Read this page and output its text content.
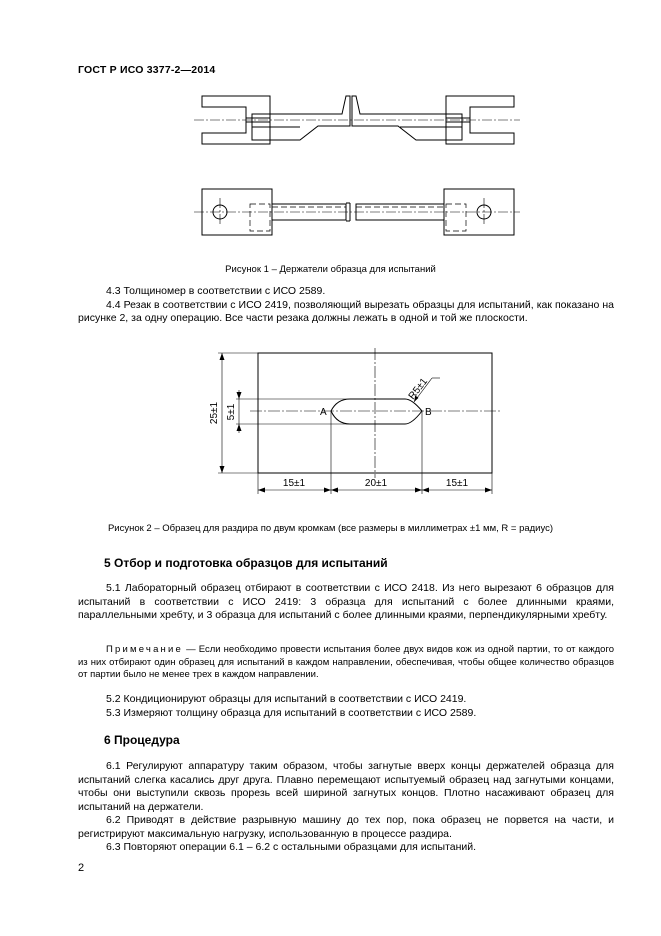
ГОСТ Р ИСО 3377-2—2014
Рисунок 1 – Держатели образца для испытаний

4.3 Толщиномер в соответствии с ИСО 2589.

4.4 Резак в соответствии с ИСО 2419, позволяющий вырезать образцы для испытаний, как показано на рисунке 2, за одну операцию. Все части резака должны лежать в одной и той же плоскости.

25±1 5±1
R5±1
A	B
15±1	20±1	15±1
Рисунок 2 – Образец для раздира по двум кромкам (все размеры в миллиметрах ±1 мм, R = радиус)
5 Отбор и подготовка образцов для испытаний

5.1 Лабораторный образец отбирают в соответствии с ИСО 2418. Из него вырезают 6 образцов для испытаний в соответствии с ИСО 2419: 3 образца для испытаний с более длинными краями, параллельными хребту, и 3 образца для испытаний с более длинными краями, перпендикулярными хребту.

Примечание — Если необходимо провести испытания более двух видов кож из одной партии, то от каждого из них отбирают один образец для испытаний в каждом направлении, обеспечивая, чтобы общее количество образцов от партии было не менее трех в каждом направлении.

5.2 Кондиционируют образцы для испытаний в соответствии с ИСО 2419.

5.3 Измеряют толщину образца для испытаний в соответствии с ИСО 2589.

6 Процедура

6.1 Регулируют аппаратуру таким образом, чтобы загнутые вверх концы держателей образца для испытаний слегка касались друг друга. Плавно перемещают испытуемый образец над загнутыми концами, чтобы они выступили сквозь прорезь всей шириной загнутых концов. Плотно насаживают образец для испытаний на держатели.

6.2 Приводят в действие разрывную машину до тех пор, пока образец не порвется на части, и регистрируют максимальную нагрузку, использованную в процессе раздира.

6.3 Повторяют операции 6.1 – 6.2 с остальными образцами для испытаний.

2
